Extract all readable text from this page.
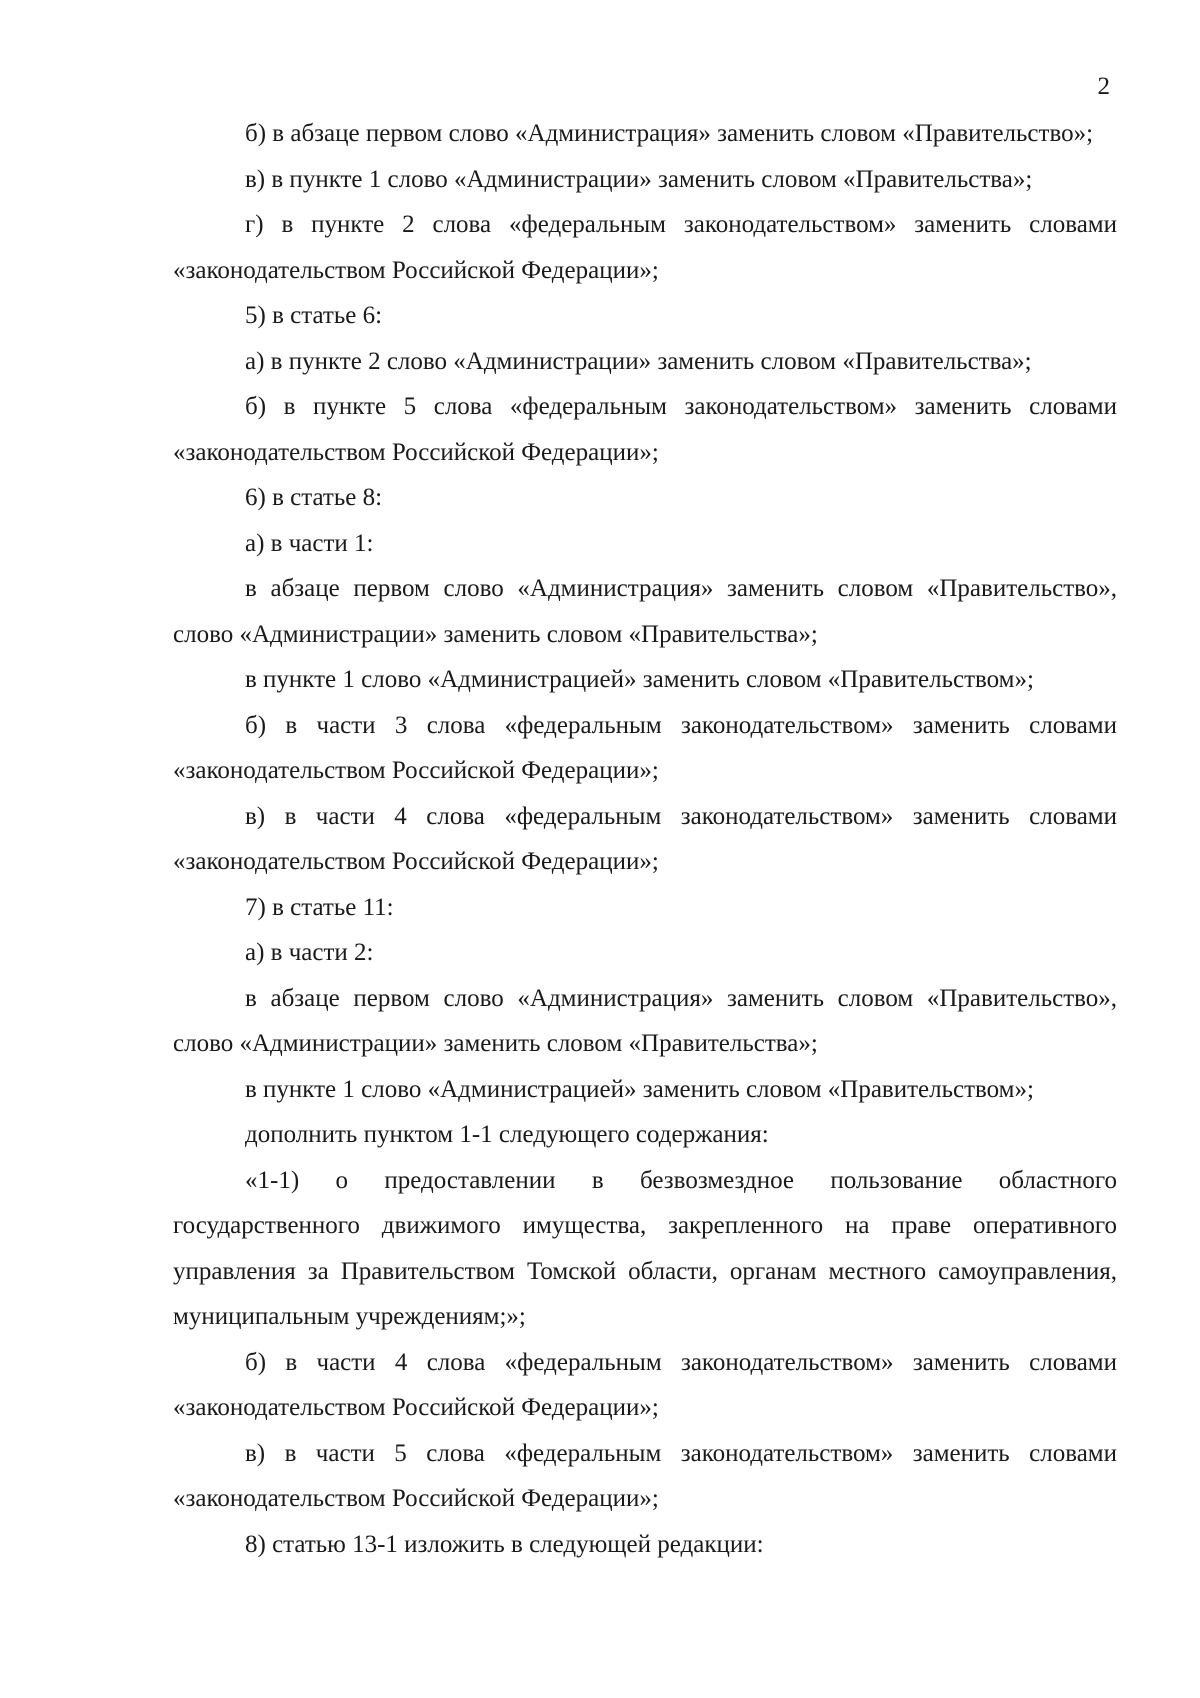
2

б) в абзаце первом слово «Администрация» заменить словом «Правительство»;

в) в пункте 1 слово «Администрации» заменить словом «Правительства»;

г) в пункте 2 слова «федеральным законодательством» заменить словами «законодательством Российской Федерации»;

5) в статье 6:

а) в пункте 2 слово «Администрации» заменить словом «Правительства»;

б) в пункте 5 слова «федеральным законодательством» заменить словами «законодательством Российской Федерации»;

6) в статье 8:

а) в части 1:

в абзаце первом слово «Администрация» заменить словом «Правительство», слово «Администрации» заменить словом «Правительства»;

в пункте 1 слово «Администрацией» заменить словом «Правительством»;

б) в части 3 слова «федеральным законодательством» заменить словами «законодательством Российской Федерации»;

в) в части 4 слова «федеральным законодательством» заменить словами «законодательством Российской Федерации»;

7) в статье 11:

а) в части 2:

в абзаце первом слово «Администрация» заменить словом «Правительство», слово «Администрации» заменить словом «Правительства»;

в пункте 1 слово «Администрацией» заменить словом «Правительством»;

дополнить пунктом 1-1 следующего содержания:

«1-1) о предоставлении в безвозмездное пользование областного государственного движимого имущества, закрепленного на праве оперативного управления за Правительством Томской области, органам местного самоуправления, муниципальным учреждениям;»;

б) в части 4 слова «федеральным законодательством» заменить словами «законодательством Российской Федерации»;

в) в части 5 слова «федеральным законодательством» заменить словами «законодательством Российской Федерации»;

8) статью 13-1 изложить в следующей редакции:
